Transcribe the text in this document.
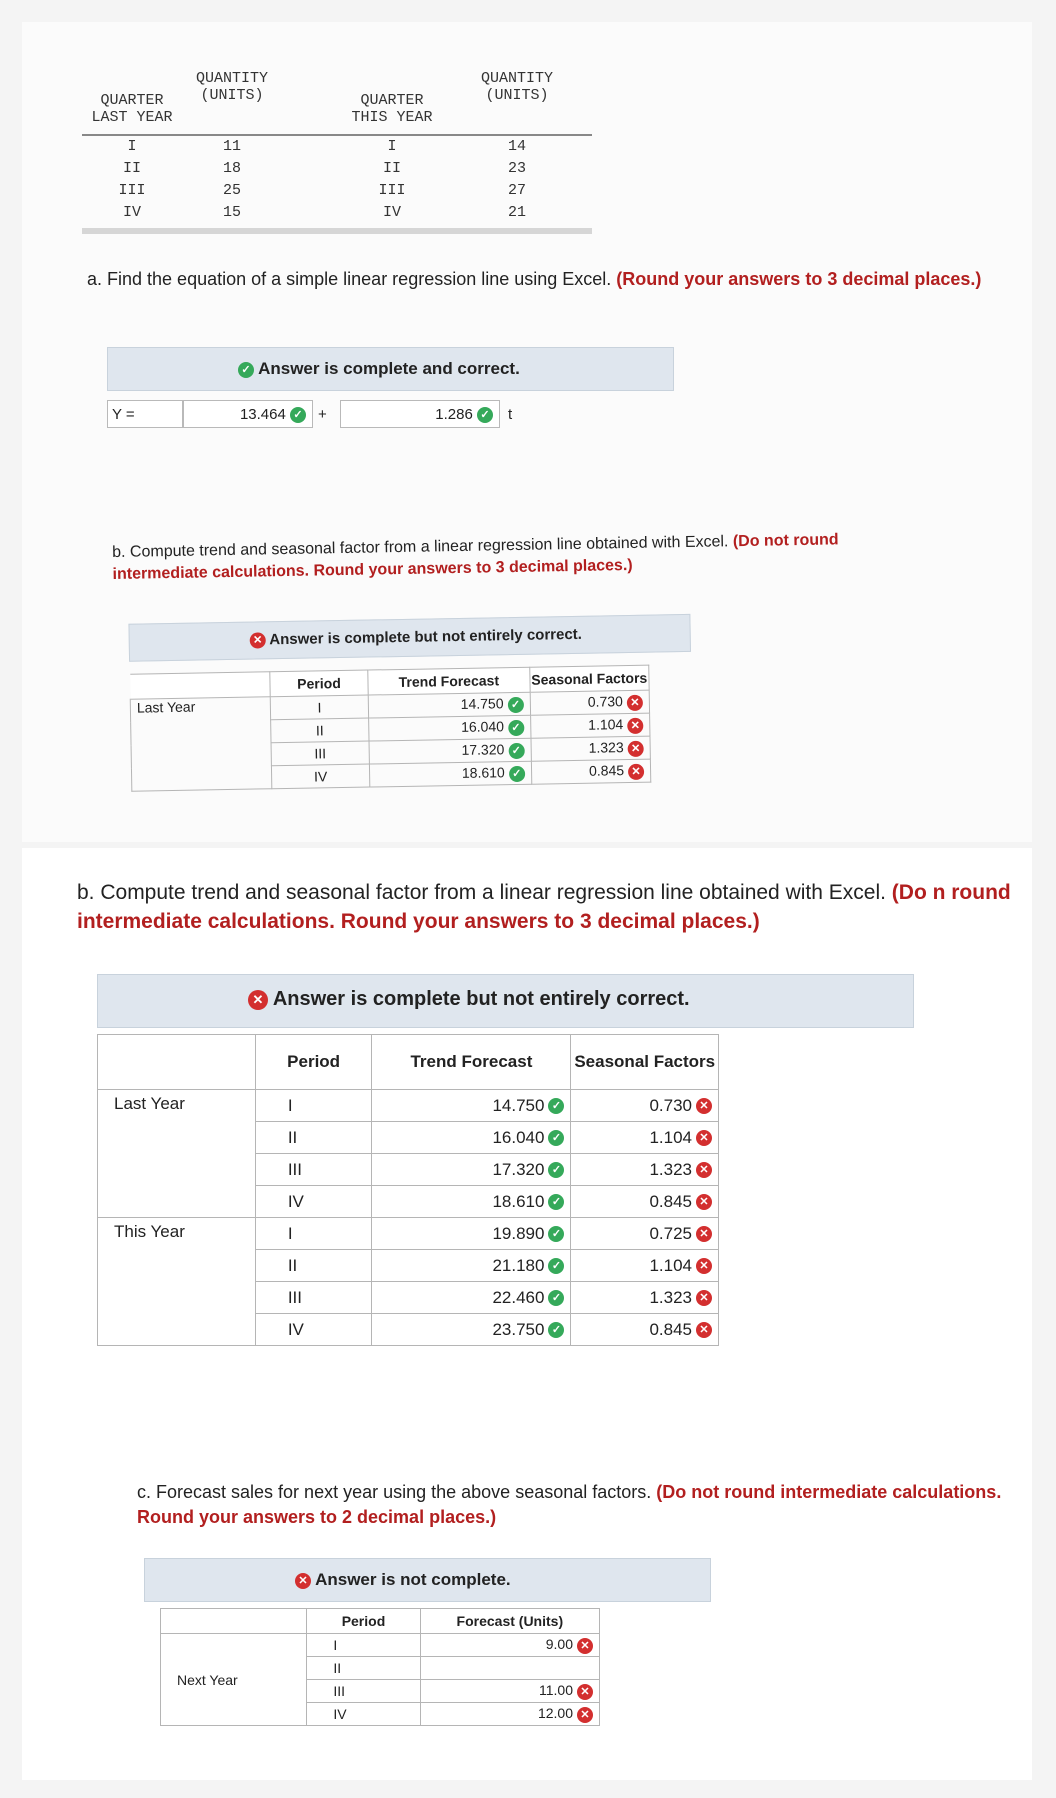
QUANTITY (UNITS)
QUARTER LAST YEAR
QUARTER THIS YEAR
QUANTITY (UNITS)
I	11	I	14
II	18	II	23
III	25	III	27
IV	15	IV	21
a. Find the equation of a simple linear regression line using Excel. (Round your answers to 3 decimal places.)
✓ Answer is complete and correct.
Y =	13.464 ✓	+	1.286 ✓	t
b. Compute trend and seasonal factor from a linear regression line obtained with Excel. (Do not round intermediate calculations. Round your answers to 3 decimal places.)
✕ Answer is complete but not entirely correct.
	Period	Trend Forecast	Seasonal Factors
Last Year	I	14.750 ✓	0.730 ✕
	II	16.040 ✓	1.104 ✕
	III	17.320 ✓	1.323 ✕
	IV	18.610 ✓	0.845 ✕
b. Compute trend and seasonal factor from a linear regression line obtained with Excel. (Do n round intermediate calculations. Round your answers to 3 decimal places.)
✕ Answer is complete but not entirely correct.
	Period	Trend Forecast	Seasonal Factors
Last Year	I	14.750 ✓	0.730 ✕
	II	16.040 ✓	1.104 ✕
	III	17.320 ✓	1.323 ✕
	IV	18.610 ✓	0.845 ✕
This Year	I	19.890 ✓	0.725 ✕
	II	21.180 ✓	1.104 ✕
	III	22.460 ✓	1.323 ✕
	IV	23.750 ✓	0.845 ✕
c. Forecast sales for next year using the above seasonal factors. (Do not round intermediate calculations. Round your answers to 2 decimal places.)
✕ Answer is not complete.
	Period	Forecast (Units)
Next Year	I	9.00 ✕
	II	
	III	11.00 ✕
	IV	12.00 ✕
